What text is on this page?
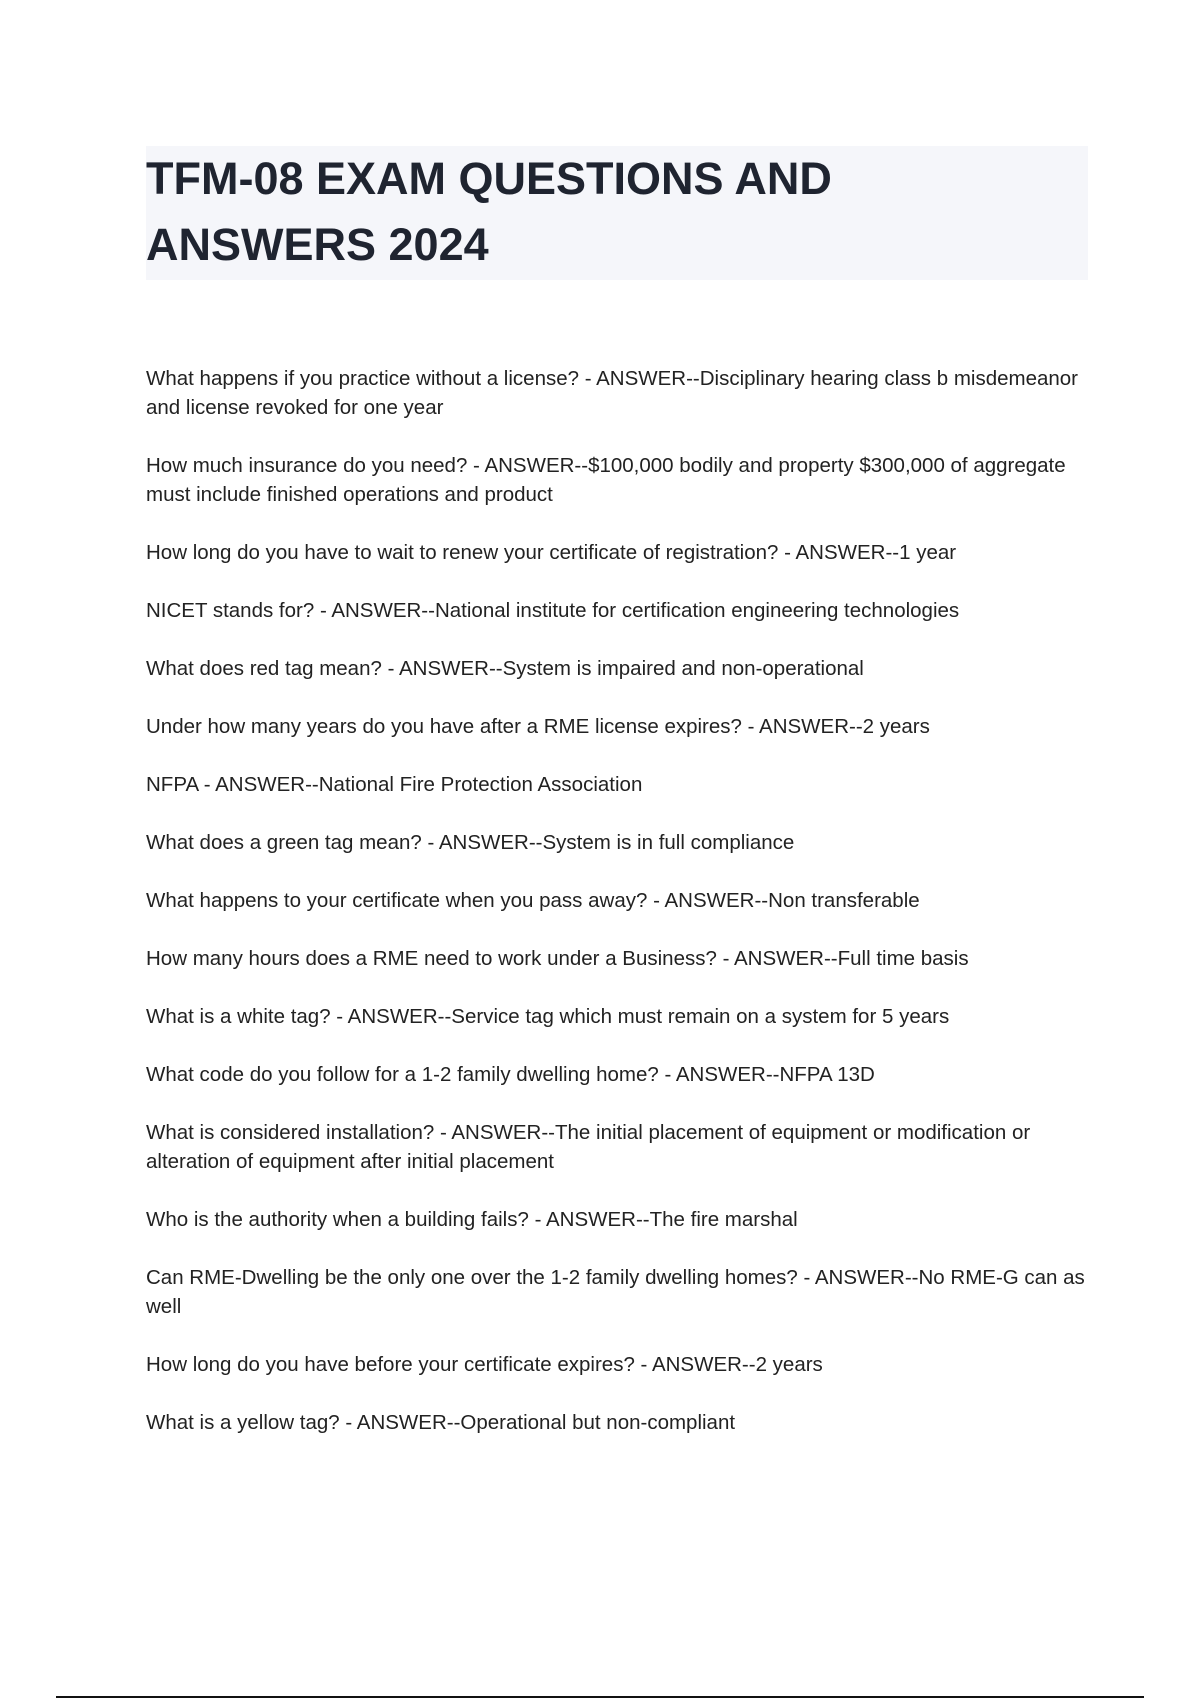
TFM-08 EXAM QUESTIONS AND ANSWERS 2024
What happens if you practice without a license? - ANSWER--Disciplinary hearing class b misdemeanor and license revoked for one year
How much insurance do you need? - ANSWER--$100,000 bodily and property $300,000 of aggregate must include finished operations and product
How long do you have to wait to renew your certificate of registration? - ANSWER--1 year
NICET stands for? - ANSWER--National institute for certification engineering technologies
What does red tag mean? - ANSWER--System is impaired and non-operational
Under how many years do you have after a RME license expires? - ANSWER--2 years
NFPA - ANSWER--National Fire Protection Association
What does a green tag mean? - ANSWER--System is in full compliance
What happens to your certificate when you pass away? - ANSWER--Non transferable
How many hours does a RME need to work under a Business? - ANSWER--Full time basis
What is a white tag? - ANSWER--Service tag which must remain on a system for 5 years
What code do you follow for a 1-2 family dwelling home? - ANSWER--NFPA 13D
What is considered installation? - ANSWER--The initial placement of equipment or modification or alteration of equipment after initial placement
Who is the authority when a building fails? - ANSWER--The fire marshal
Can RME-Dwelling be the only one over the 1-2 family dwelling homes? - ANSWER--No RME-G can as well
How long do you have before your certificate expires? - ANSWER--2 years
What is a yellow tag? - ANSWER--Operational but non-compliant
